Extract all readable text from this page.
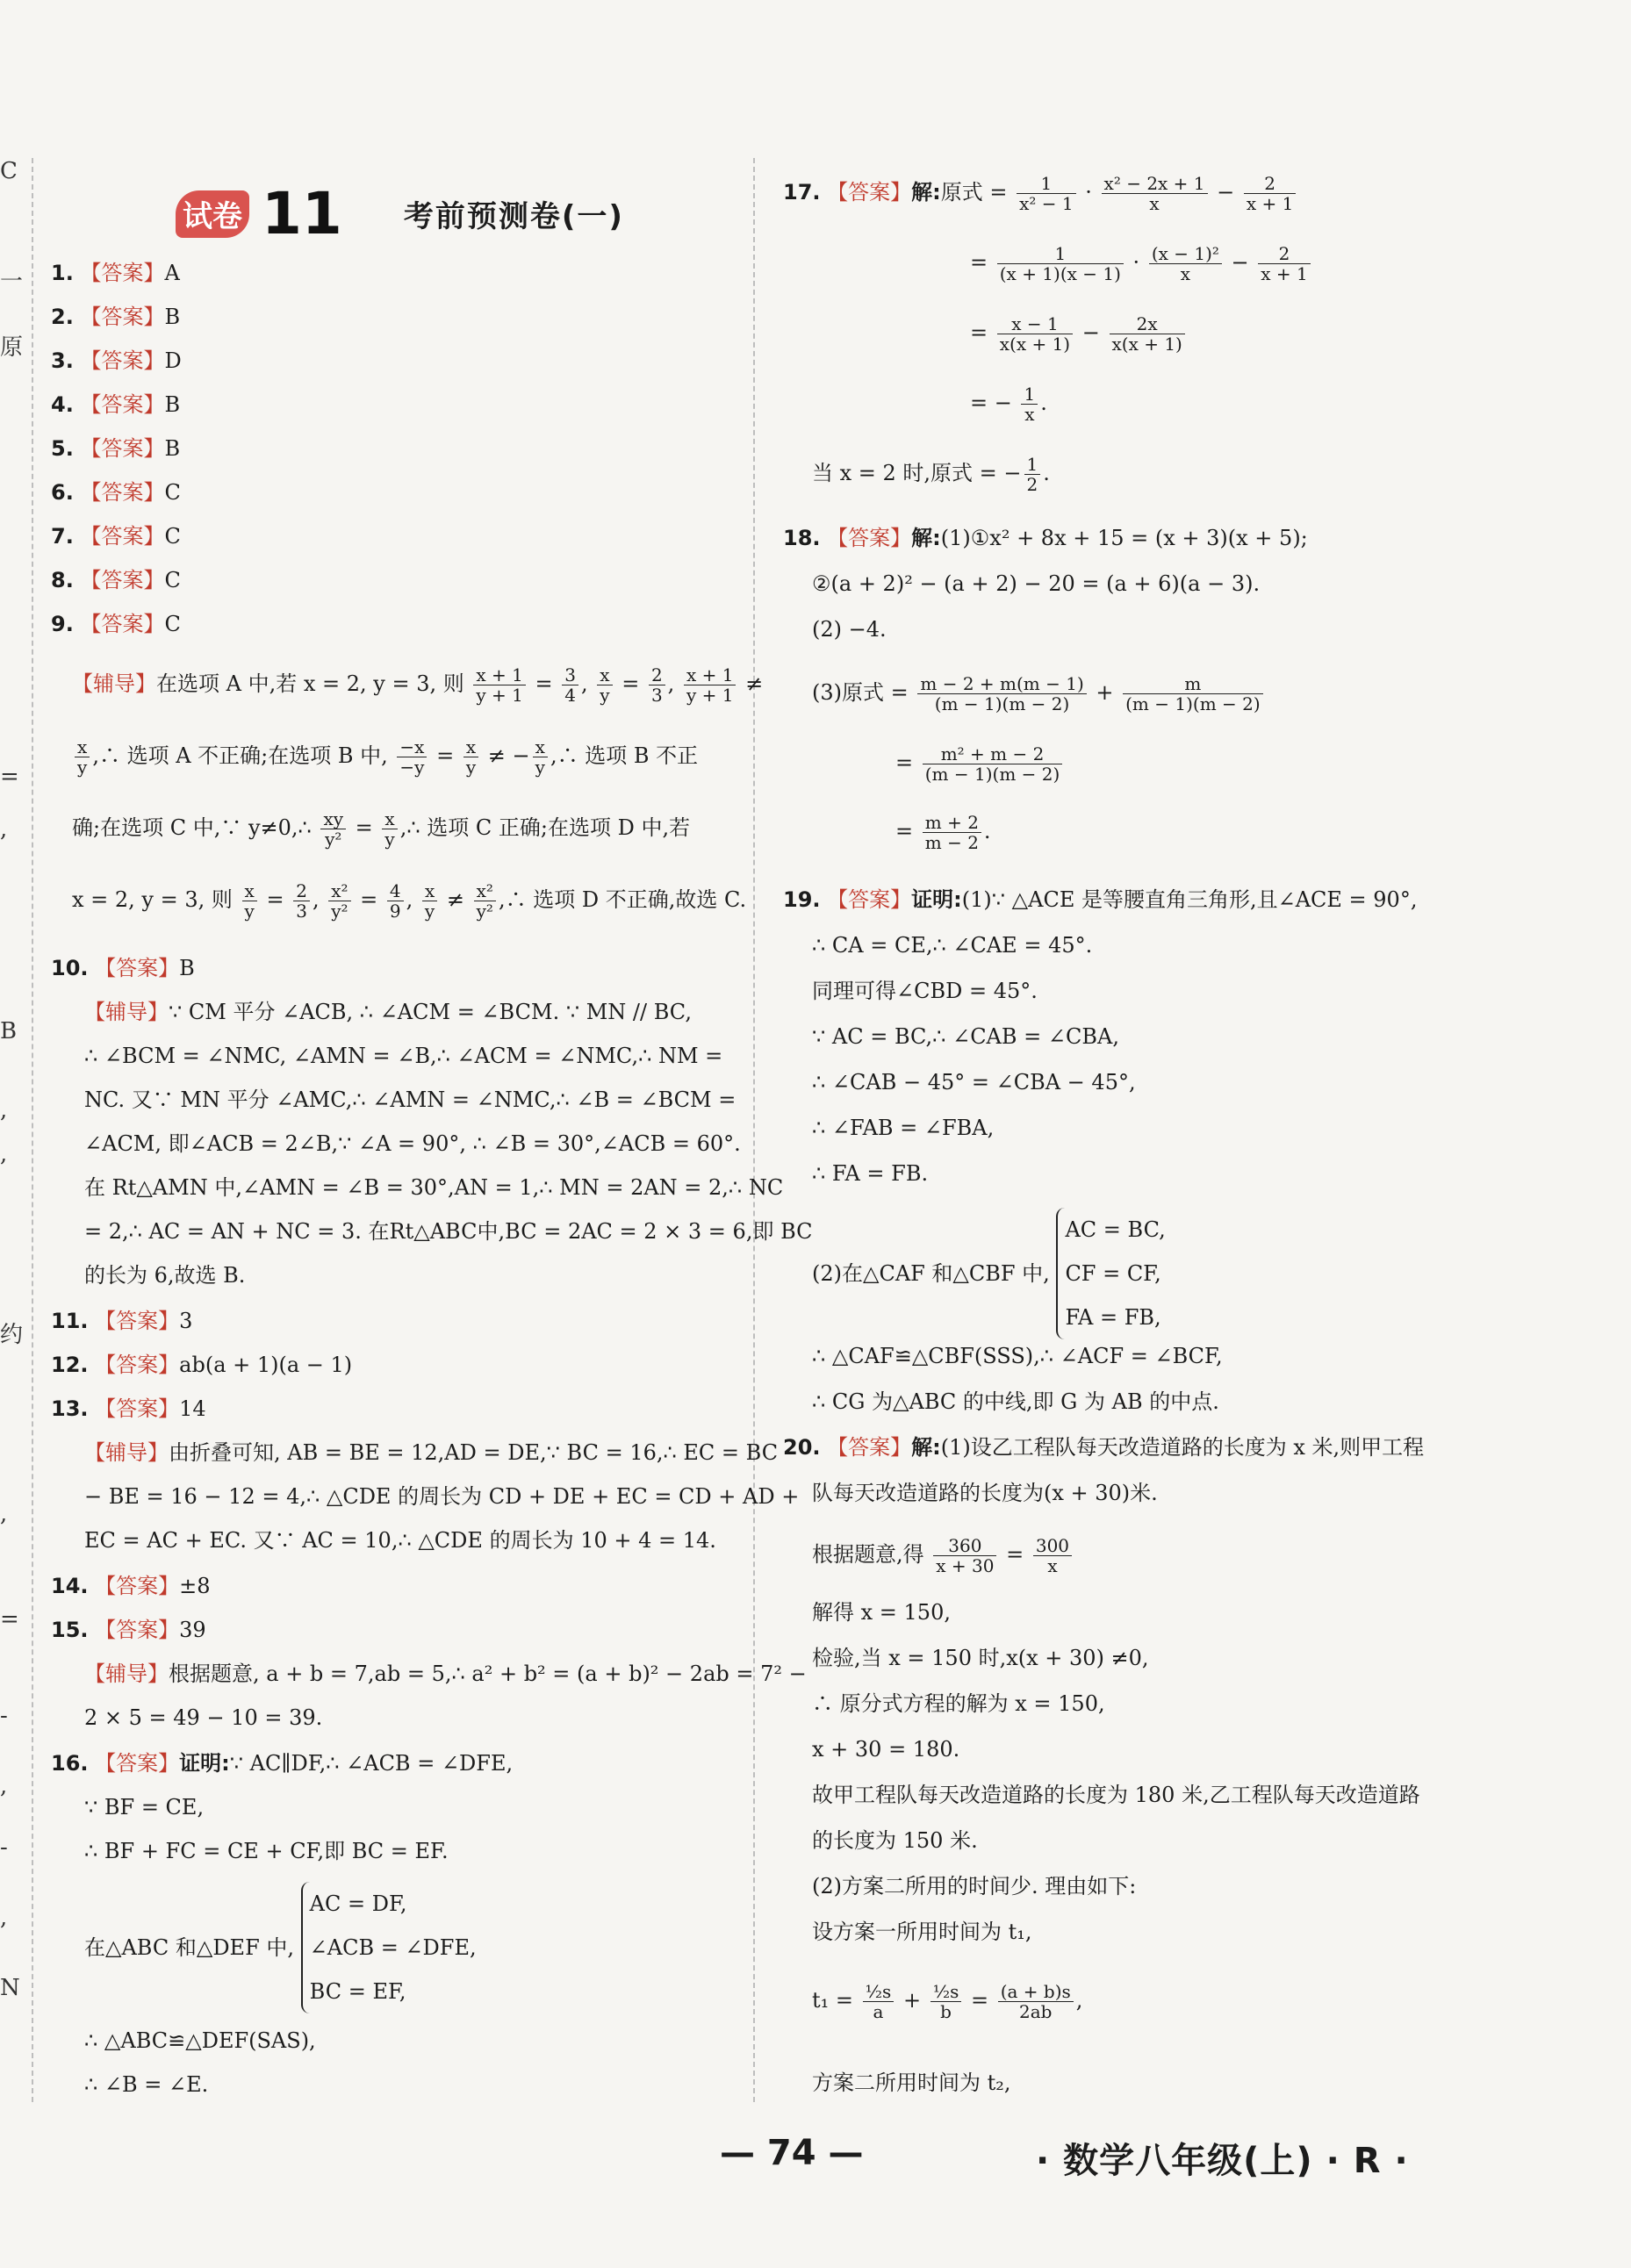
C
一
原
=
,
B
,
,
约
,
=
-
,
-
,
N
试卷 11 考前预测卷(一)
1. 【答案】A
2. 【答案】B
3. 【答案】D
4. 【答案】B
5. 【答案】B
6. 【答案】C
7. 【答案】C
8. 【答案】C
9. 【答案】C
【辅导】在选项 A 中,若 x = 2, y = 3, 则 $\frac{x + 1}{y + 1} = \frac{3}{4}$ , $\frac{x}{y} = \frac{2}{3}$ , $\frac{x + 1}{y + 1}$ ≠
$\frac{x}{y}$ ,∴ 选项 A 不正确;在选项 B 中, $\frac{-x}{-y} = \frac{x}{y}$ ≠ − $\frac{x}{y}$ ,∴ 选项 B 不正
确;在选项 C 中,∵ y≠0,∴ $\frac{xy}{\text{y²}} = \frac{x}{y}$ ,∴ 选项 C 正确;在选项 D 中,若
x = 2, y = 3, 则 $\frac{x}{y} = \frac{2}{3}$ , $\frac{\text{x²}}{\text{y²}} = \frac{4}{9}$ , $\frac{x}{y} \ne \frac{\text{x²}}{\text{y²}}$ ,∴ 选项 D 不正确,故选 C.
10. 【答案】B
【辅导】∵ CM 平分 ∠ACB, ∴ ∠ACM = ∠BCM. ∵ MN // BC,
∴ ∠BCM = ∠NMC, ∠AMN = ∠B,∴ ∠ACM = ∠NMC,∴ NM =
NC. 又∵ MN 平分 ∠AMC,∴ ∠AMN = ∠NMC,∴ ∠B = ∠BCM =
∠ACM, 即∠ACB = 2∠B,∵ ∠A = 90°, ∴ ∠B = 30°,∠ACB = 60°.
在 Rt△AMN 中,∠AMN = ∠B = 30°,AN = 1,∴ MN = 2AN = 2,∴ NC
= 2,∴ AC = AN + NC = 3. 在Rt△ABC中,BC = 2AC = 2 × 3 = 6,即 BC
的长为 6,故选 B.
11. 【答案】3
12. 【答案】ab(a + 1)(a − 1)
13. 【答案】14
【辅导】由折叠可知, AB = BE = 12,AD = DE,∵ BC = 16,∴ EC = BC
− BE = 16 − 12 = 4,∴ △CDE 的周长为 CD + DE + EC = CD + AD +
EC = AC + EC. 又∵ AC = 10,∴ △CDE 的周长为 10 + 4 = 14.
14. 【答案】±8
15. 【答案】39
【辅导】根据题意, a + b = 7,ab = 5,∴ a² + b² = (a + b)² − 2ab = 7² −
2 × 5 = 49 − 10 = 39.
16. 【答案】证明:∵ AC∥DF,∴ ∠ACB = ∠DFE,
∵ BF = CE,
∴ BF + FC = CE + CF,即 BC = EF.
在△ABC 和△DEF 中,
AC = DF,
∠ACB = ∠DFE,
BC = EF,
∴ △ABC≌△DEF(SAS),
∴ ∠B = ∠E.
17. 【答案】解:原式 = $\frac{1}{\text{x² − 1}} \cdot \frac{\text{x² − 2x + 1}}{x} - \frac{2}{x + 1}$
= $\frac{1}{(x + 1)(x - 1)} \cdot \frac{\text{(x − 1)²}}{x} - \frac{2}{x + 1}$
= $\frac{x - 1}{x(x + 1)} - \frac{2x}{x(x + 1)}$
= − $\frac{1}{x}$ .
当 x = 2 时,原式 = − $\frac{1}{2}$ .
18. 【答案】解:(1)①x² + 8x + 15 = (x + 3)(x + 5);
②(a + 2)² − (a + 2) − 20 = (a + 6)(a − 3).
(2) −4.
(3)原式 = $\frac{m - 2 + m(m - 1)}{(m - 1)(m - 2)} + \frac{m}{(m - 1)(m - 2)}$
= $\frac{\text{m² + m − 2}}{(m - 1)(m - 2)}$
= $\frac{m + 2}{m - 2}$ .
19. 【答案】证明:(1)∵ △ACE 是等腰直角三角形,且∠ACE = 90°,
∴ CA = CE,∴ ∠CAE = 45°.
同理可得∠CBD = 45°.
∵ AC = BC,∴ ∠CAB = ∠CBA,
∴ ∠CAB − 45° = ∠CBA − 45°,
∴ ∠FAB = ∠FBA,
∴ FA = FB.
(2)在△CAF 和△CBF 中,
AC = BC,
CF = CF,
FA = FB,
∴ △CAF≌△CBF(SSS),∴ ∠ACF = ∠BCF,
∴ CG 为△ABC 的中线,即 G 为 AB 的中点.
20. 【答案】解:(1)设乙工程队每天改造道路的长度为 x 米,则甲工程
队每天改造道路的长度为(x + 30)米.
根据题意,得 $\frac{360}{x + 30} = \frac{300}{x}$
解得 x = 150,
检验,当 x = 150 时,x(x + 30) ≠0,
∴ 原分式方程的解为 x = 150,
x + 30 = 180.
故甲工程队每天改造道路的长度为 180 米,乙工程队每天改造道路
的长度为 150 米.
(2)方案二所用的时间少. 理由如下:
设方案一所用时间为 t₁,
$t_1 = \frac{\text{½s}}{a} + \frac{\text{½s}}{b} = \frac{(a + b)s}{2ab}$ ,
方案二所用时间为 t₂,
— 74 —	· 数学八年级(上) · R ·
